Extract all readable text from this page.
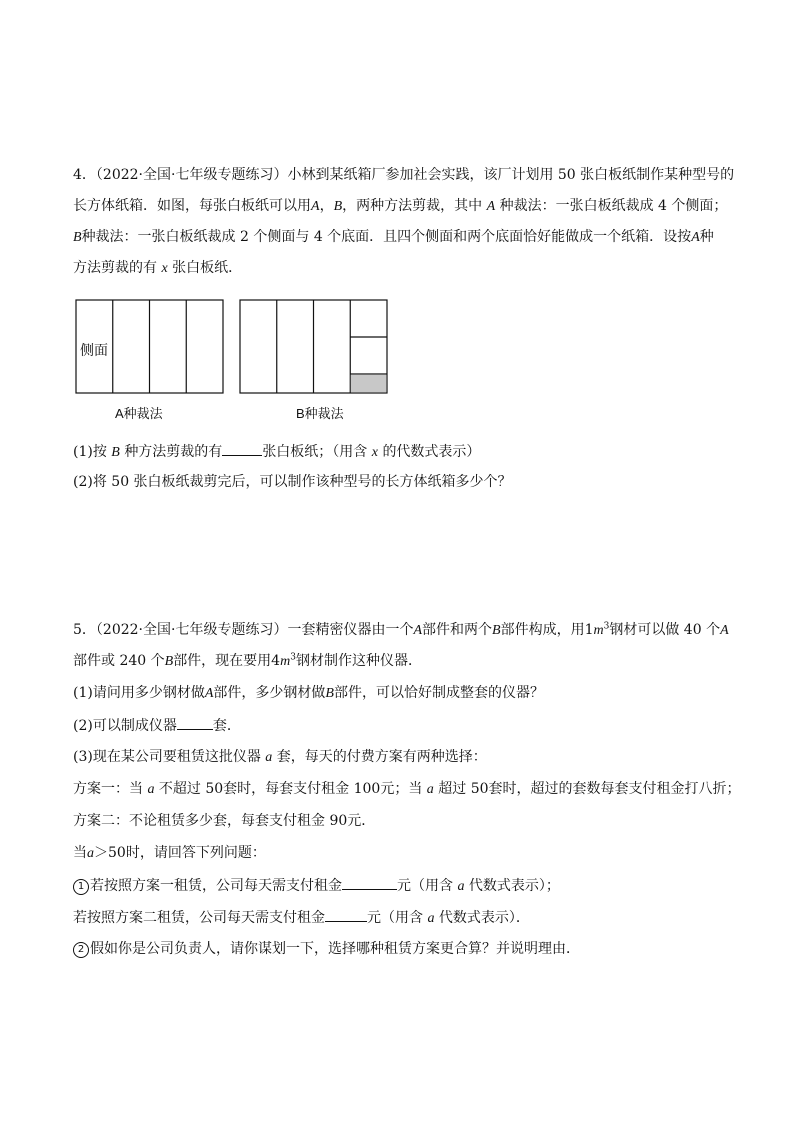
4．（2022·全国·七年级专题练习）小林到某纸箱厂参加社会实践，该厂计划用 50 张白板纸制作某种型号的
长方体纸箱．如图，每张白板纸可以用A，B，两种方法剪裁，其中 A 种裁法：一张白板纸裁成 4 个侧面；
B种裁法：一张白板纸裁成 2 个侧面与 4 个底面．且四个侧面和两个底面恰好能做成一个纸箱．设按A种
方法剪裁的有 x 张白板纸．
侧面
A种裁法	B种裁法
(1)按 B 种方法剪裁的有	张白板纸；（用含 x 的代数式表示）
(2)将 50 张白板纸裁剪完后，可以制作该种型号的长方体纸箱多少个？
5．（2022·全国·七年级专题练习）一套精密仪器由一个A部件和两个B部件构成，用$1m^3$钢材可以做 40 个A
部件或 240 个B部件，现在要用$4m^3$钢材制作这种仪器．
(1)请问用多少钢材做A部件，多少钢材做B部件，可以恰好制成整套的仪器？
(2)可以制成仪器	套．
(3)现在某公司要租赁这批仪器 a 套，每天的付费方案有两种选择：
方案一：当 a 不超过 50套时，每套支付租金 100元；当 a 超过 50套时，超过的套数每套支付租金打八折；
方案二：不论租赁多少套，每套支付租金 90元．
当a＞50时，请回答下列问题：
1 若按照方案一租赁，公司每天需支付租金	元（用含 a 代数式表示）；
若按照方案二租赁，公司每天需支付租金	元（用含 a 代数式表示）．
2 假如你是公司负责人，请你谋划一下，选择哪种租赁方案更合算？并说明理由．
